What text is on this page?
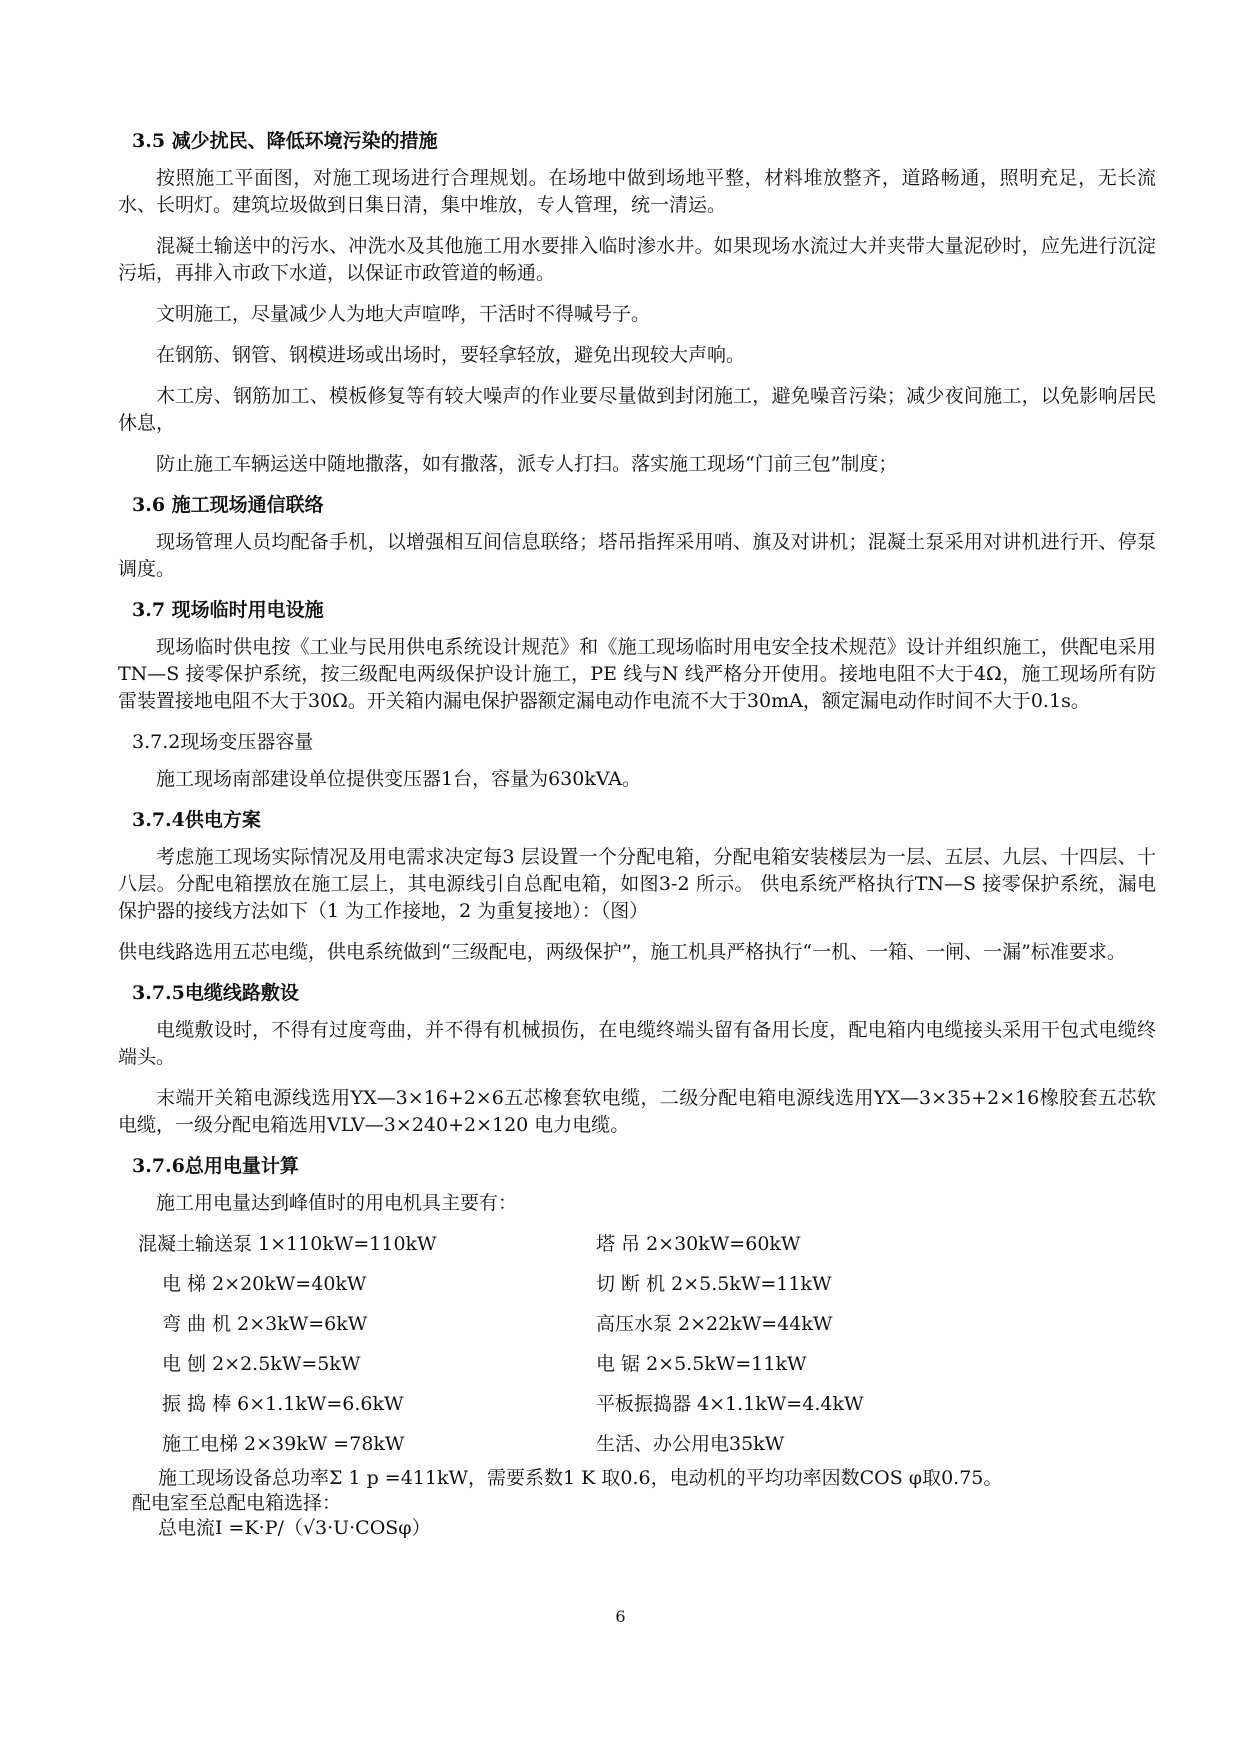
3.5 减少扰民、降低环境污染的措施

按照施工平面图，对施工现场进行合理规划。在场地中做到场地平整，材料堆放整齐，道路畅通，照明充足，无长流水、长明灯。建筑垃圾做到日集日清，集中堆放，专人管理，统一清运。

混凝土输送中的污水、冲洗水及其他施工用水要排入临时渗水井。如果现场水流过大并夹带大量泥砂时，应先进行沉淀污垢，再排入市政下水道，以保证市政管道的畅通。

文明施工，尽量减少人为地大声喧哗，干活时不得喊号子。

在钢筋、钢管、钢模进场或出场时，要轻拿轻放，避免出现较大声响。

木工房、钢筋加工、模板修复等有较大噪声的作业要尽量做到封闭施工，避免噪音污染；减少夜间施工，以免影响居民休息，

防止施工车辆运送中随地撒落，如有撒落，派专人打扫。落实施工现场“门前三包”制度；

3.6 施工现场通信联络

现场管理人员均配备手机，以增强相互间信息联络；塔吊指挥采用哨、旗及对讲机；混凝土泵采用对讲机进行开、停泵调度。

3.7 现场临时用电设施

现场临时供电按《工业与民用供电系统设计规范》和《施工现场临时用电安全技术规范》设计并组织施工，供配电采用TN—S 接零保护系统，按三级配电两级保护设计施工，PE 线与N 线严格分开使用。接地电阻不大于4Ω，施工现场所有防雷装置接地电阻不大于30Ω。开关箱内漏电保护器额定漏电动作电流不大于30mA，额定漏电动作时间不大于0.1s。

3.7.2现场变压器容量

施工现场南部建设单位提供变压器1台，容量为630kVA。

3.7.4供电方案

考虑施工现场实际情况及用电需求决定每3 层设置一个分配电箱，分配电箱安装楼层为一层、五层、九层、十四层、十八层。分配电箱摆放在施工层上，其电源线引自总配电箱，如图3-2 所示。 供电系统严格执行TN—S 接零保护系统，漏电保护器的接线方法如下（1 为工作接地，2 为重复接地）：（图）

供电线路选用五芯电缆，供电系统做到“三级配电，两级保护”，施工机具严格执行“一机、一箱、一闸、一漏”标准要求。

3.7.5电缆线路敷设

电缆敷设时，不得有过度弯曲，并不得有机械损伤，在电缆终端头留有备用长度，配电箱内电缆接头采用干包式电缆终端头。

末端开关箱电源线选用YX—3×16+2×6五芯橡套软电缆，二级分配电箱电源线选用YX—3×35+2×16橡胶套五芯软电缆，一级分配电箱选用VLV—3×240+2×120 电力电缆。

3.7.6总用电量计算

施工用电量达到峰值时的用电机具主要有：

混凝土输送泵 1×110kW=110kW	塔 吊 2×30kW=60kW
电 梯 2×20kW=40kW	切 断 机 2×5.5kW=11kW
弯 曲 机 2×3kW=6kW	高压水泵 2×22kW=44kW
电 刨 2×2.5kW=5kW	电 锯 2×5.5kW=11kW
振 捣 棒 6×1.1kW=6.6kW	平板振捣器 4×1.1kW=4.4kW
施工电梯 2×39kW =78kW	生活、办公用电35kW

施工现场设备总功率Σ 1 p =411kW，需要系数1 K 取0.6，电动机的平均功率因数COS φ取0.75。

配电室至总配电箱选择：

总电流I =K·P/（√3·U·COSφ）

6
